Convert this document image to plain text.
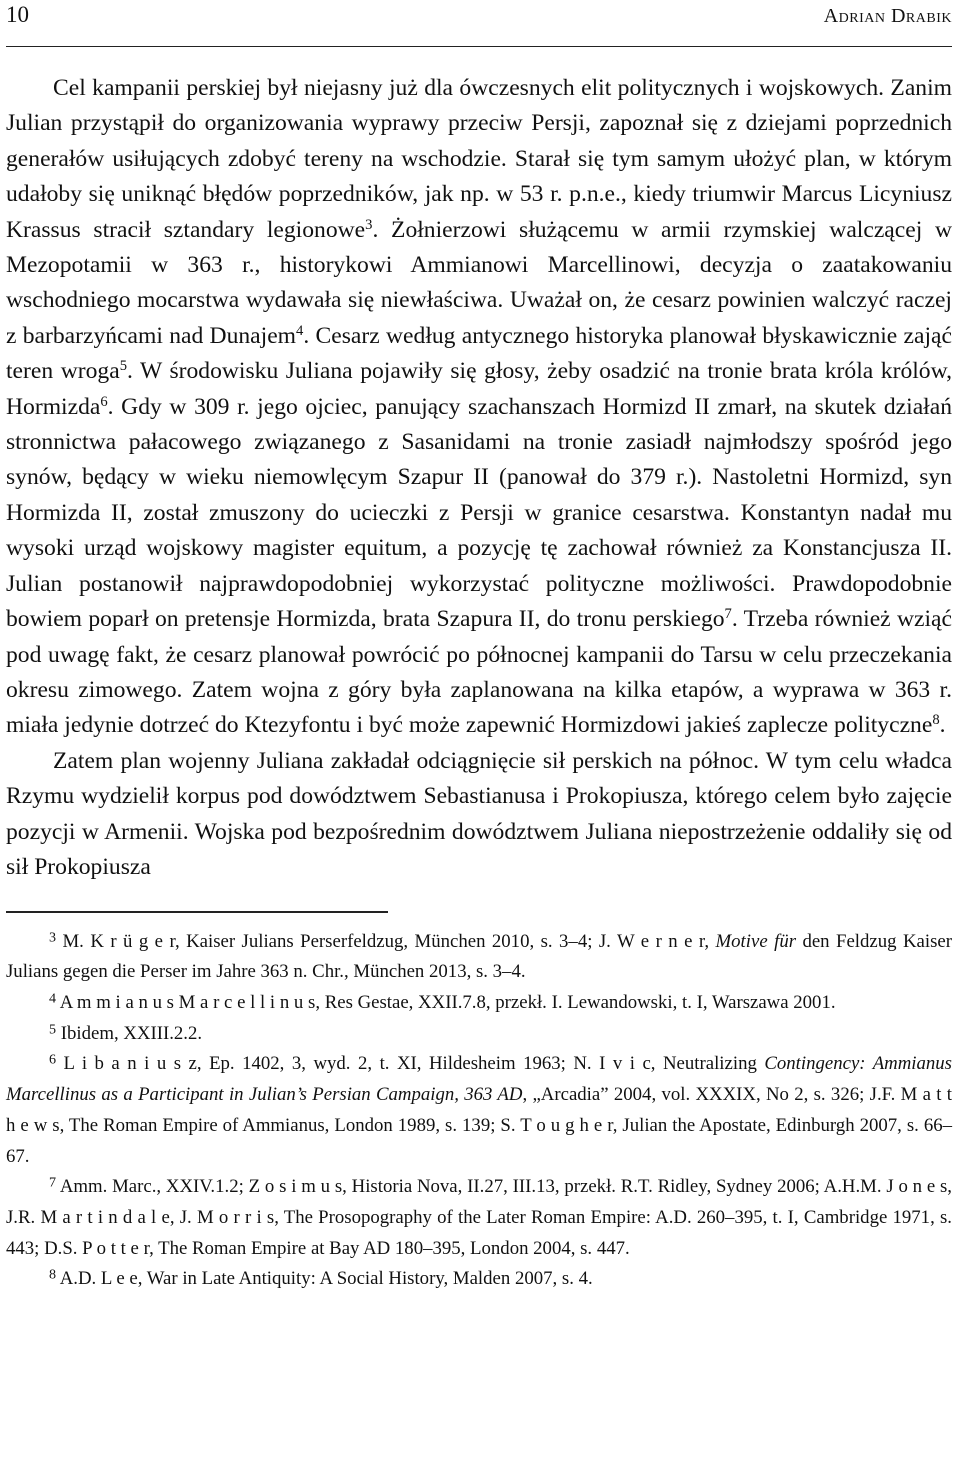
10	Adrian Drabik

Cel kampanii perskiej był niejasny już dla ówczesnych elit politycznych i wojskowych. Zanim Julian przystąpił do organizowania wyprawy przeciw Persji, zapoznał się z dziejami poprzednich generałów usiłujących zdobyć tereny na wschodzie. Starał się tym samym ułożyć plan, w którym udałoby się uniknąć błędów poprzedników, jak np. w 53 r. p.n.e., kiedy triumwir Marcus Licyniusz Krassus stracił sztandary legionowe$^3$. Żołnierzowi służącemu w armii rzymskiej walczącej w Mezopotamii w 363 r., historykowi Ammianowi Marcellinowi, decyzja o zaatakowaniu wschodniego mocarstwa wydawała się niewłaściwa. Uważał on, że cesarz powinien walczyć raczej z barbarzyńcami nad Dunajem$^4$. Cesarz według antycznego historyka planował błyskawicznie zająć teren wroga$^5$. W środowisku Juliana pojawiły się głosy, żeby osadzić na tronie brata króla królów, Hormizda$^6$. Gdy w 309 r. jego ojciec, panujący szachanszach Hormizd II zmarł, na skutek działań stronnictwa pałacowego związanego z Sasanidami na tronie zasiadł najmłodszy spośród jego synów, będący w wieku niemowlęcym Szapur II (panował do 379 r.). Nastoletni Hormizd, syn Hormizda II, został zmuszony do ucieczki z Persji w granice cesarstwa. Konstantyn nadał mu wysoki urząd wojskowy magister equitum, a pozycję tę zachował również za Konstancjusza II. Julian postanowił najprawdopodobniej wykorzystać polityczne możliwości. Prawdopodobnie bowiem poparł on pretensje Hormizda, brata Szapura II, do tronu perskiego$^7$. Trzeba również wziąć pod uwagę fakt, że cesarz planował powrócić po północnej kampanii do Tarsu w celu przeczekania okresu zimowego. Zatem wojna z góry była zaplanowana na kilka etapów, a wyprawa w 363 r. miała jedynie dotrzeć do Ktezyfontu i być może zapewnić Hormizdowi jakieś zaplecze polityczne$^8$.

Zatem plan wojenny Juliana zakładał odciągnięcie sił perskich na północ. W tym celu władca Rzymu wydzielił korpus pod dowództwem Sebastianusa i Prokopiusza, którego celem było zajęcie pozycji w Armenii. Wojska pod bezpośrednim dowództwem Juliana niepostrzeżenie oddaliły się od sił Prokopiusza

$^3$ M. K r ü g e r, Kaiser Julians Perserfeldzug, München 2010, s. 3–4; J. W e r n e r, Motive für den Feldzug Kaiser Julians gegen die Perser im Jahre 363 n. Chr., München 2013, s. 3–4.

$^4$ A m m i a n u s M a r c e l l i n u s, Res Gestae, XXII.7.8, przekł. I. Lewandowski, t. I, Warszawa 2001.

$^5$ Ibidem, XXIII.2.2.

$^6$ L i b a n i u s z, Ep. 1402, 3, wyd. 2, t. XI, Hildesheim 1963; N. I v i c, Neutralizing Contingency: Ammianus Marcellinus as a Participant in Julian’s Persian Campaign, 363 AD, „Arcadia” 2004, vol. XXXIX, No 2, s. 326; J.F. M a t t h e w s, The Roman Empire of Ammianus, London 1989, s. 139; S. T o u g h e r, Julian the Apostate, Edinburgh 2007, s. 66–67.

$^7$ Amm. Marc., XXIV.1.2; Z o s i m u s, Historia Nova, II.27, III.13, przekł. R.T. Ridley, Sydney 2006; A.H.M. J o n e s, J.R. M a r t i n d a l e, J. M o r r i s, The Prosopography of the Later Roman Empire: A.D. 260–395, t. I, Cambridge 1971, s. 443; D.S. P o t t e r, The Roman Empire at Bay AD 180–395, London 2004, s. 447.

$^8$ A.D. L e e, War in Late Antiquity: A Social History, Malden 2007, s. 4.
